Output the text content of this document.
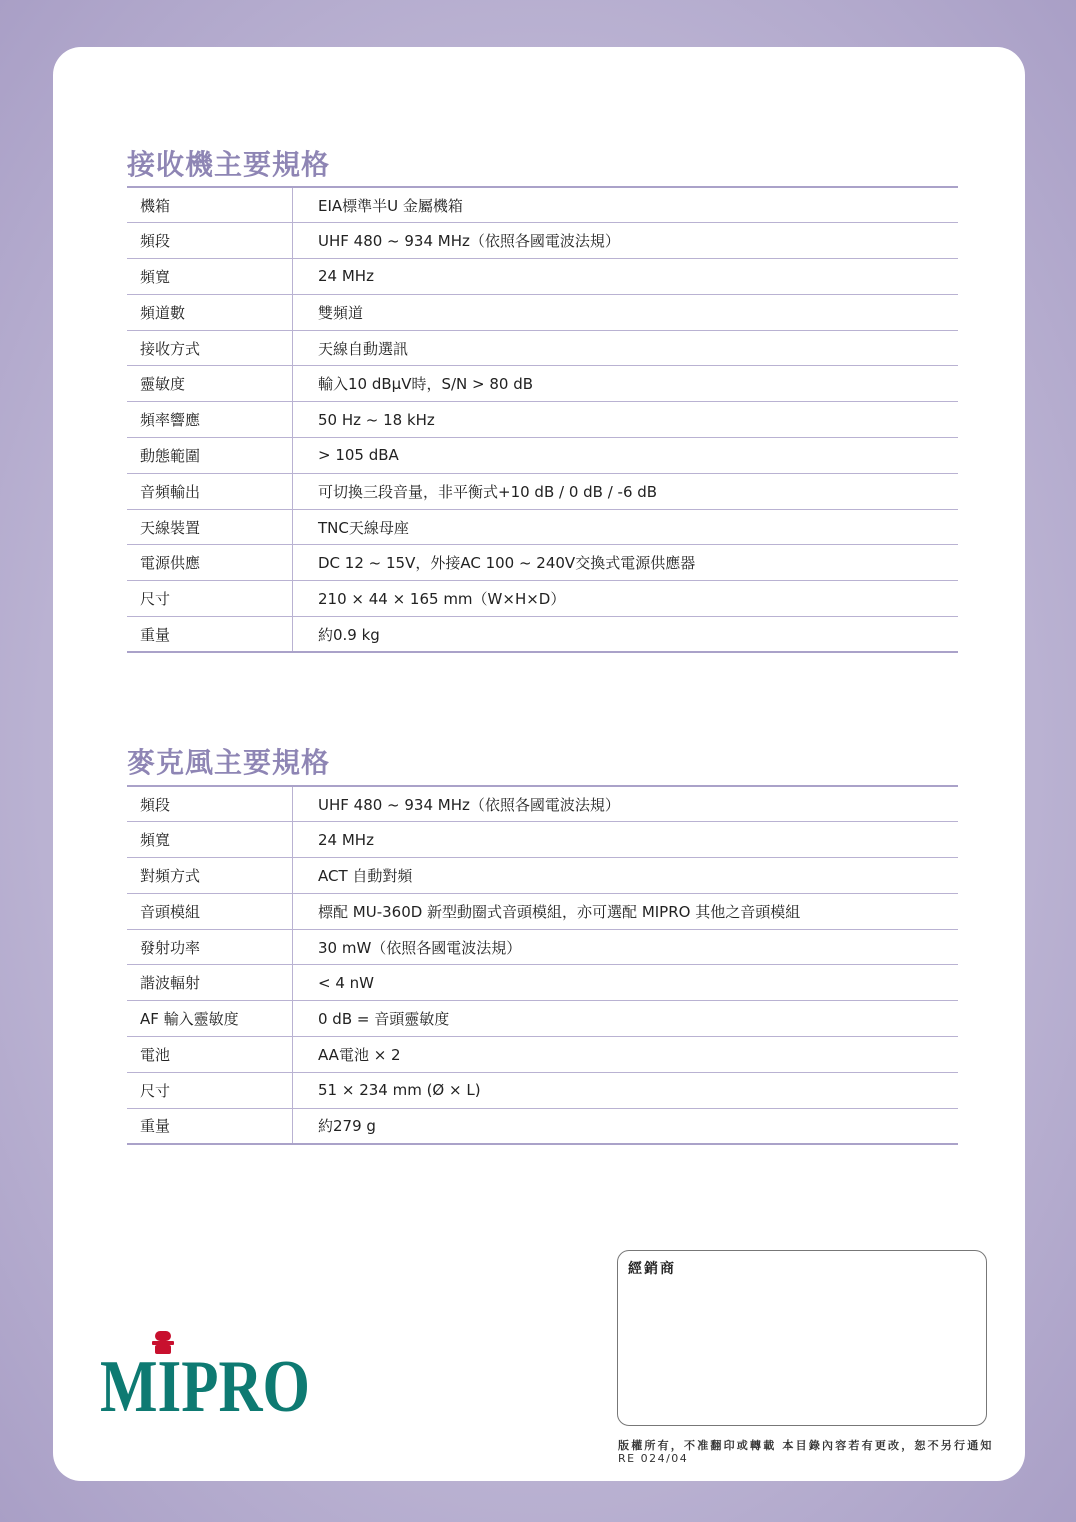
接收機主要規格
機箱	EIA標準半U 金屬機箱
頻段	UHF 480 ~ 934 MHz（依照各國電波法規）
頻寬	24 MHz
頻道數	雙頻道
接收方式	天線自動選訊
靈敏度	輸入10 dBμV時，S/N > 80 dB
頻率響應	50 Hz ~ 18 kHz
動態範圍	> 105 dBA
音頻輸出	可切換三段音量，非平衡式+10 dB / 0 dB / -6 dB
天線裝置	TNC天線母座
電源供應	DC 12 ~ 15V，外接AC 100 ~ 240V交換式電源供應器
尺寸	210 × 44 × 165 mm（W×H×D）
重量	約0.9 kg
麥克風主要規格
頻段	UHF 480 ~ 934 MHz（依照各國電波法規）
頻寬	24 MHz
對頻方式	ACT 自動對頻
音頭模組	標配 MU-360D 新型動圈式音頭模組，亦可選配 MIPRO 其他之音頭模組
發射功率	30 mW（依照各國電波法規）
諧波輻射	< 4 nW
AF 輸入靈敏度	0 dB = 音頭靈敏度
電池	AA電池 × 2
尺寸	51 × 234 mm (Ø × L)
重量	約279 g
MIPRO
經銷商
版權所有，不准翻印或轉載 本目錄內容若有更改，恕不另行通知
RE 024/04
